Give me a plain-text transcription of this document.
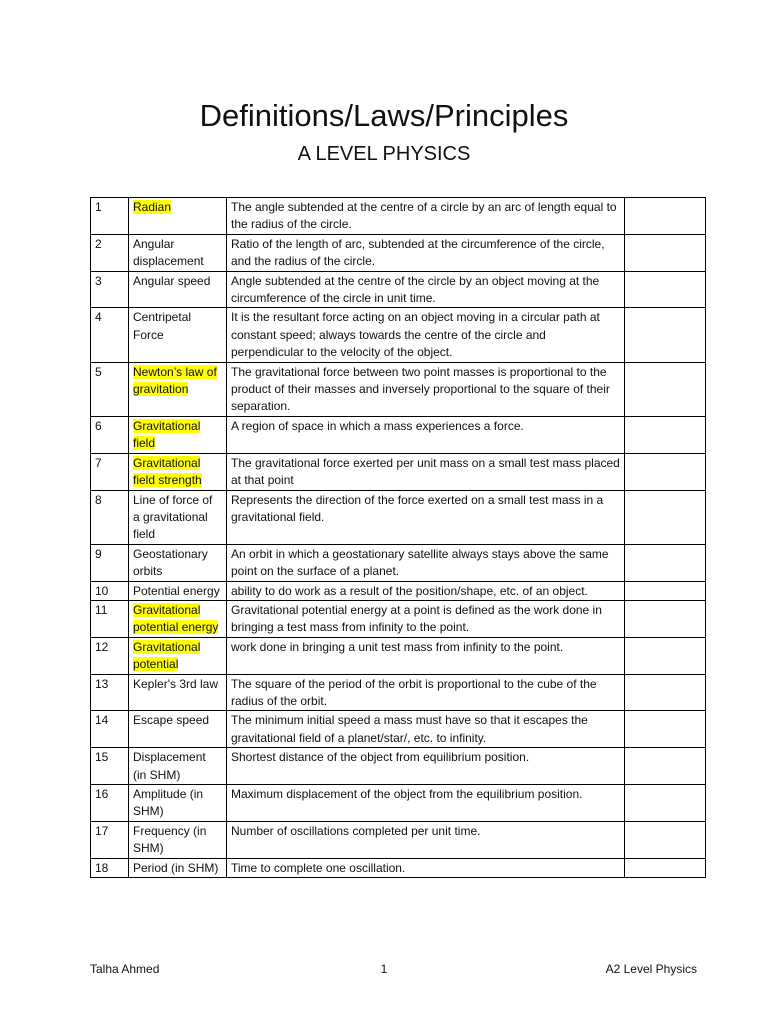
Definitions/Laws/Principles
A LEVEL PHYSICS
1	Radian	The angle subtended at the centre of a circle by an arc of length equal to the radius of the circle.	
2	Angular displacement	Ratio of the length of arc, subtended at the circumference of the circle, and the radius of the circle.	
3	Angular speed	Angle subtended at the centre of the circle by an object moving at the circumference of the circle in unit time.	
4	Centripetal Force	It is the resultant force acting on an object moving in a circular path at constant speed; always towards the centre of the circle and perpendicular to the velocity of the object.	
5	Newton’s law of gravitation	The gravitational force between two point masses is proportional to the product of their masses and inversely proportional to the square of their separation.	
6	Gravitational field	A region of space in which a mass experiences a force.	
7	Gravitational field strength	The gravitational force exerted per unit mass on a small test mass placed at that point	
8	Line of force of a gravitational field	Represents the direction of the force exerted on a small test mass in a gravitational field.	
9	Geostationary orbits	An orbit in which a geostationary satellite always stays above the same point on the surface of a planet.	
10	Potential energy	ability to do work as a result of the position/shape, etc. of an object.	
11	Gravitational potential energy	Gravitational potential energy at a point is defined as the work done in bringing a test mass from infinity to the point.	
12	Gravitational potential	work done in bringing a unit test mass from infinity to the point.	
13	Kepler's 3rd law	The square of the period of the orbit is proportional to the cube of the radius of the orbit.	
14	Escape speed	The minimum initial speed a mass must have so that it escapes the gravitational field of a planet/star/, etc. to infinity.	
15	Displacement (in SHM)	Shortest distance of the object from equilibrium position.	
16	Amplitude (in SHM)	Maximum displacement of the object from the equilibrium position.	
17	Frequency (in SHM)	Number of oscillations completed per unit time.	
18	Period (in SHM)	Time to complete one oscillation.	
Talha Ahmed	1	A2 Level Physics
